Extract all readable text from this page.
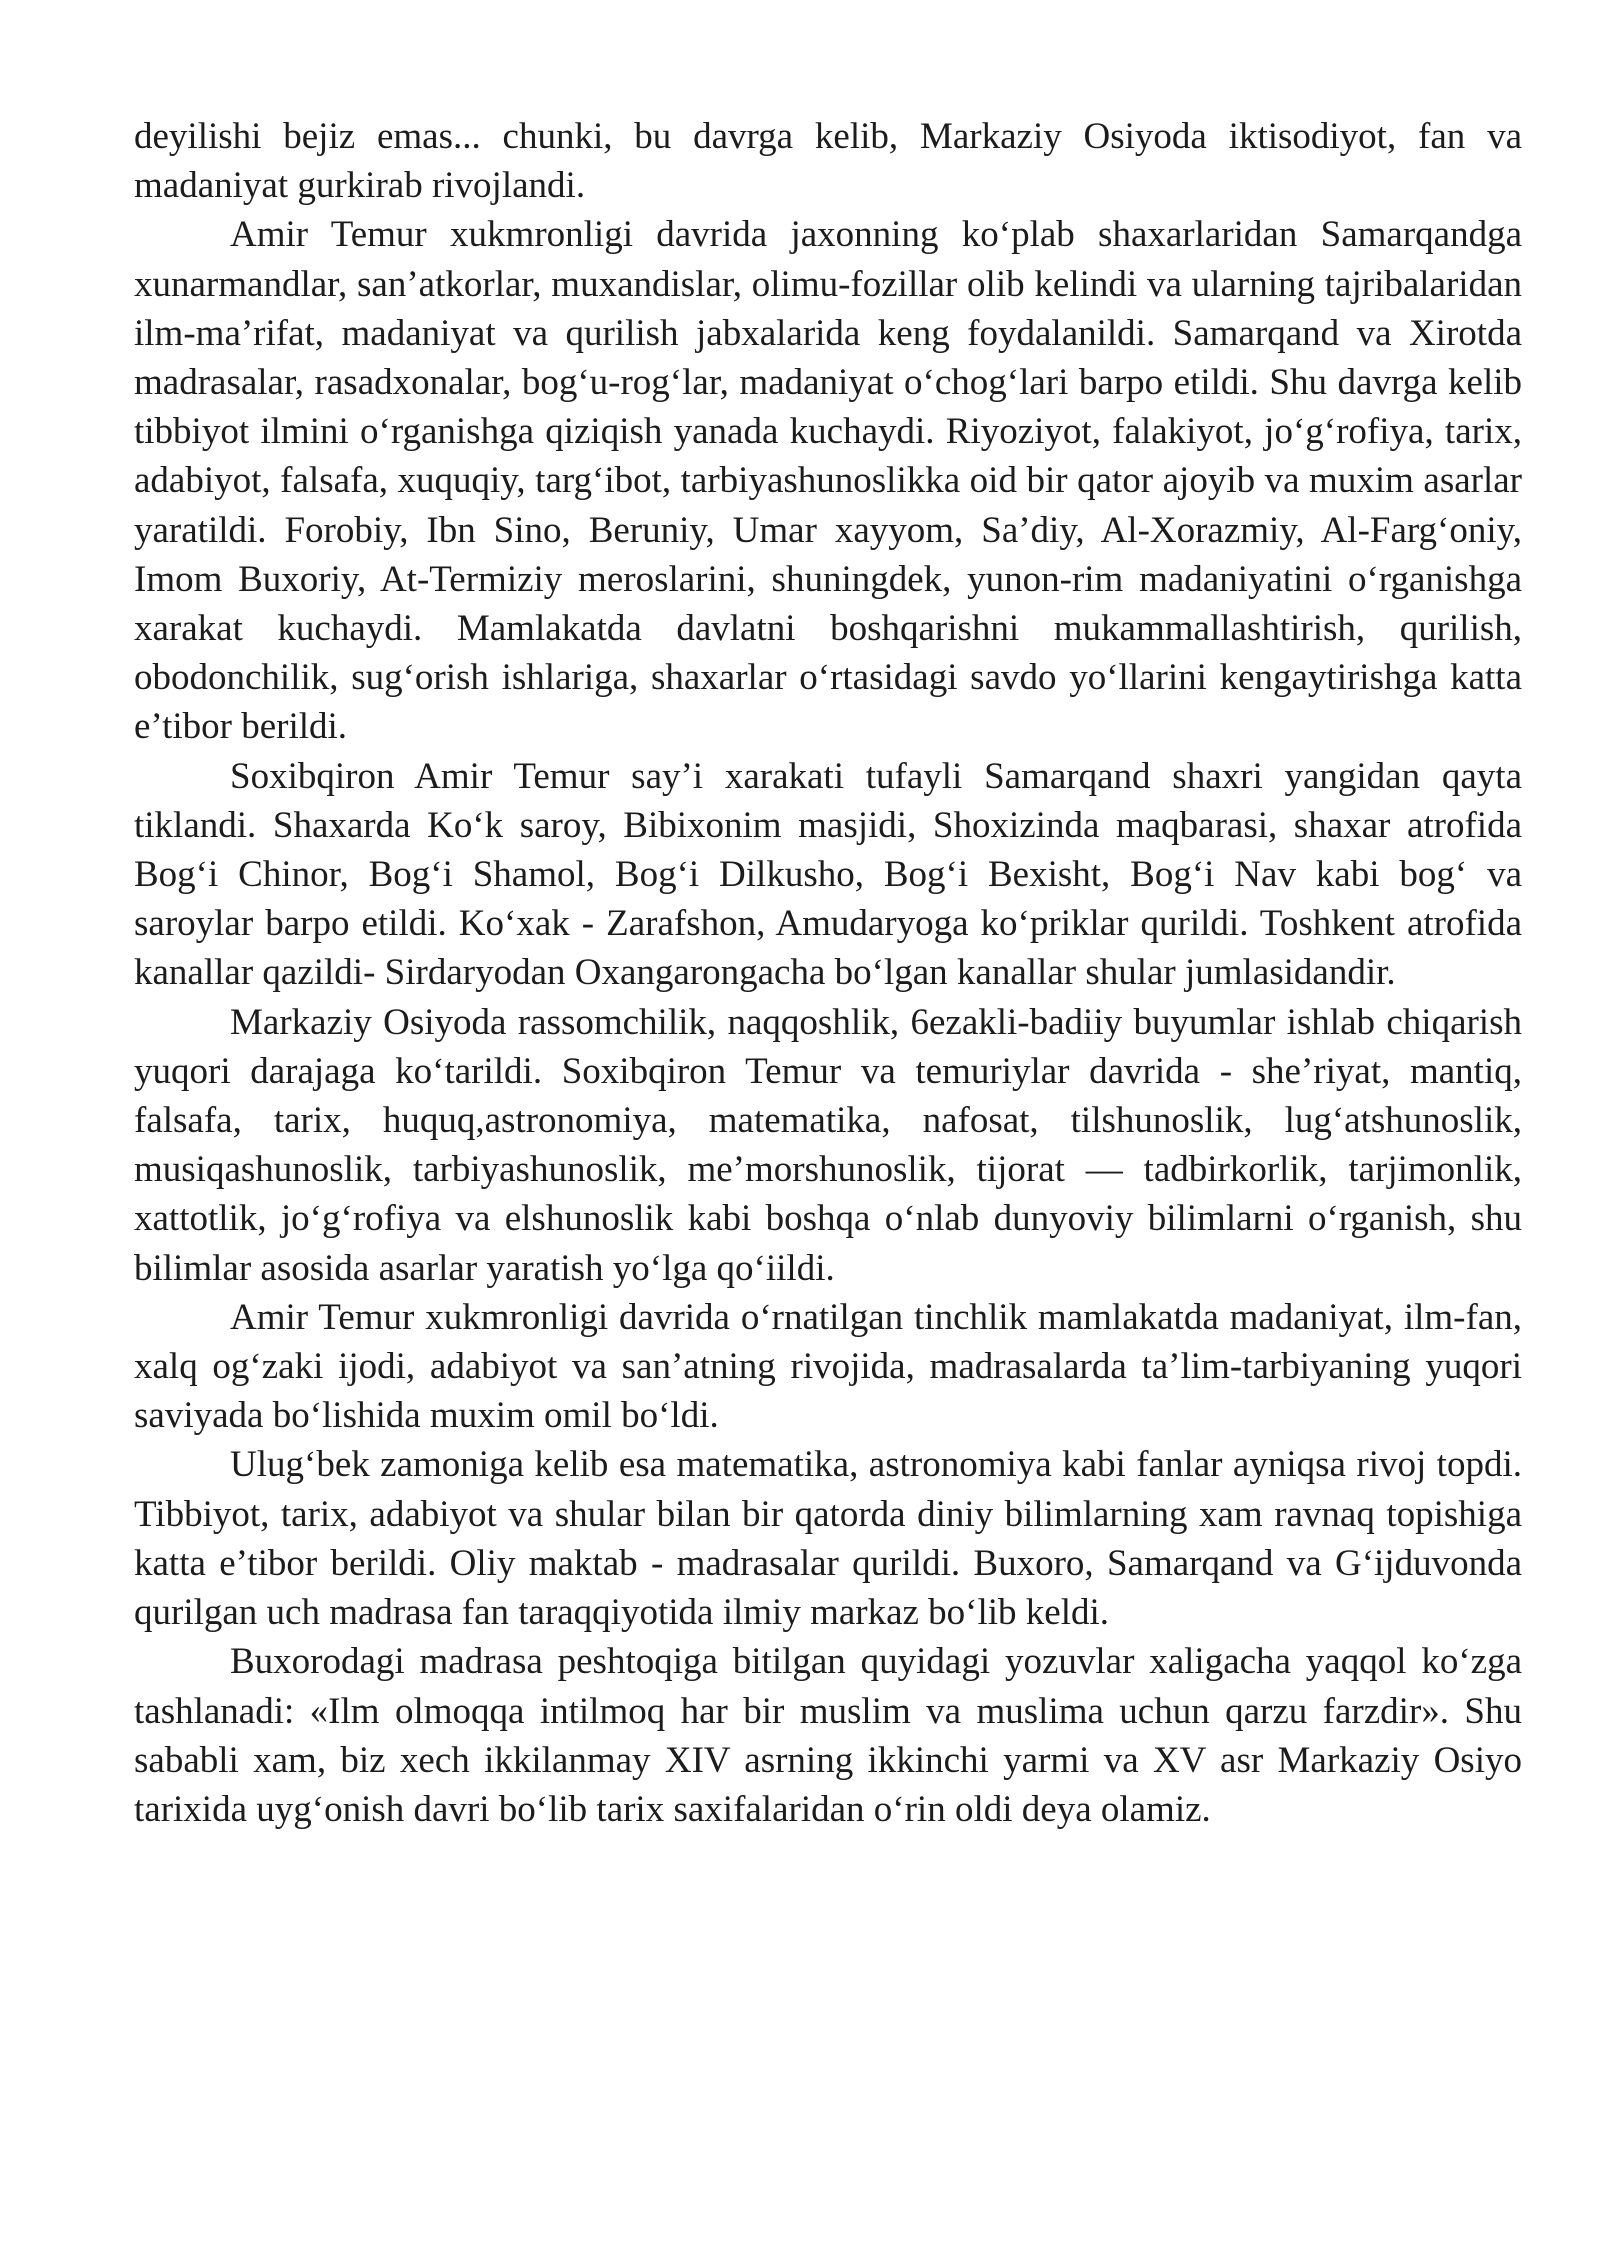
deyilishi bejiz emas... chunki, bu davrga kelib, Markaziy Osiyoda iktisodiyot, fan va madaniyat gurkirab rivojlandi.

Amir Temur xukmronligi davrida jaxonning ko‘plab shaxarlaridan Samarqandga xunarmandlar, san’atkorlar, muxandislar, olimu-fozillar olib kelindi va ularning tajribalaridan ilm-ma’rifat, madaniyat va qurilish jabxalarida keng foydalanildi. Samarqand va Xirotda madrasalar, rasadxonalar, bog‘u-rog‘lar, madaniyat o‘chog‘lari barpo etildi. Shu davrga kelib tibbiyot ilmini o‘rganishga qiziqish yanada kuchaydi. Riyoziyot, falakiyot, jo‘g‘rofiya, tarix, adabiyot, falsafa, xuquqiy, targ‘ibot, tarbiyashunoslikka oid bir qator ajoyib va muxim asarlar yaratildi. Forobiy, Ibn Sino, Beruniy, Umar xayyom, Sa’diy, Al-Xorazmiy, Al-Farg‘oniy, Imom Buxoriy, At-Termiziy meroslarini, shuningdek, yunon-rim madaniyatini o‘rganishga xarakat kuchaydi. Mamlakatda davlatni boshqarishni mukammallashtirish, qurilish, obodonchilik, sug‘orish ishlariga, shaxarlar o‘rtasidagi savdo yo‘llarini kengaytirishga katta e’tibor berildi.

Soxibqiron Amir Temur say’i xarakati tufayli Samarqand shaxri yangidan qayta tiklandi. Shaxarda Ko‘k saroy, Bibixonim masjidi, Shoxizinda maqbarasi, shaxar atrofida Bog‘i Chinor, Bog‘i Shamol, Bog‘i Dilkusho, Bog‘i Bexisht, Bog‘i Nav kabi bog‘ va saroylar barpo etildi. Ko‘xak - Zarafshon, Amudaryoga ko‘priklar qurildi. Toshkent atrofida kanallar qazildi- Sirdaryodan Oxangarongacha bo‘lgan kanallar shular jumlasidandir.

Markaziy Osiyoda rassomchilik, naqqoshlik, 6ezakli-badiiy buyumlar ishlab chiqarish yuqori darajaga ko‘tarildi. Soxibqiron Temur va temuriylar davrida - she’riyat, mantiq, falsafa, tarix, huquq,astronomiya, matematika, nafosat, tilshunoslik, lug‘atshunoslik, musiqashunoslik, tarbiyashunoslik, me’morshunoslik, tijorat — tadbirkorlik, tarjimonlik, xattotlik, jo‘g‘rofiya va elshunoslik kabi boshqa o‘nlab dunyoviy bilimlarni o‘rganish, shu bilimlar asosida asarlar yaratish yo‘lga qo‘iildi.

Amir Temur xukmronligi davrida o‘rnatilgan tinchlik mamlakatda madaniyat, ilm-fan, xalq og‘zaki ijodi, adabiyot va san’atning rivojida, madrasalarda ta’lim-tarbiyaning yuqori saviyada bo‘lishida muxim omil bo‘ldi.

Ulug‘bek zamoniga kelib esa matematika, astronomiya kabi fanlar ayniqsa rivoj topdi. Tibbiyot, tarix, adabiyot va shular bilan bir qatorda diniy bilimlarning xam ravnaq topishiga katta e’tibor berildi. Oliy maktab - madrasalar qurildi. Buxoro, Samarqand va G‘ijduvonda qurilgan uch madrasa fan taraqqiyotida ilmiy markaz bo‘lib keldi.

Buxorodagi madrasa peshtoqiga bitilgan quyidagi yozuvlar xaligacha yaqqol ko‘zga tashlanadi: «Ilm olmoqqa intilmoq har bir muslim va muslima uchun qarzu farzdir». Shu sababli xam, biz xech ikkilanmay XIV asrning ikkinchi yarmi va XV asr Markaziy Osiyo tarixida uyg‘onish davri bo‘lib tarix saxifalaridan o‘rin oldi deya olamiz.
